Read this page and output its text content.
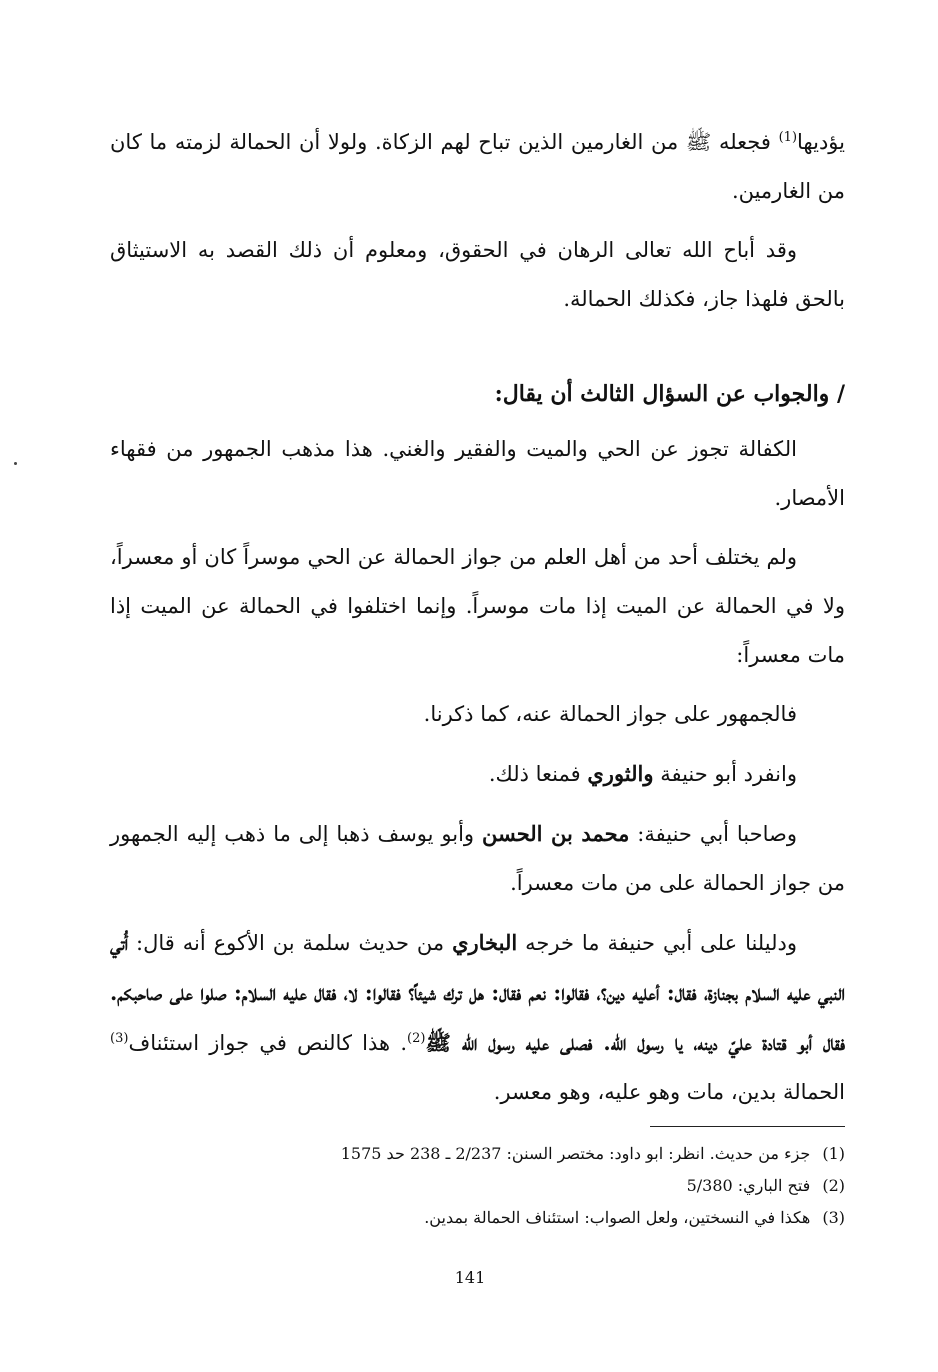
يؤديها$^{(1)}$ فجعله ﷺ من الغارمين الذين تباح لهم الزكاة. ولولا أن الحمالة لزمته ما كان من الغارمين.

وقد أباح الله تعالى الرهان في الحقوق، ومعلوم أن ذلك القصد به الاستيثاق بالحق فلهذا جاز، فكذلك الحمالة.

/ والجواب عن السؤال الثالث أن يقال:

الكفالة تجوز عن الحي والميت والفقير والغني. هذا مذهب الجمهور من فقهاء الأمصار.

ولم يختلف أحد من أهل العلم من جواز الحمالة عن الحي موسراً كان أو معسراً، ولا في الحمالة عن الميت إذا مات موسراً. وإنما اختلفوا في الحمالة عن الميت إذا مات معسراً:

فالجمهور على جواز الحمالة عنه، كما ذكرنا.

وانفرد أبو حنيفة والثوري فمنعا ذلك.

وصاحبا أبي حنيفة: محمد بن الحسن وأبو يوسف ذهبا إلى ما ذهب إليه الجمهور من جواز الحمالة على من مات معسراً.

ودليلنا على أبي حنيفة ما خرجه البخاري من حديث سلمة بن الأكوع أنه قال: أُتي النبي عليه السلام بجنازة، فقال: أعليه دين؟، فقالوا: نعم فقال: هل ترك شيئاً؟ فقالوا: لا، فقال عليه السلام: صلوا على صاحبكم. فقال أبو قتادة عليّ دينه، يا رسول الله. فصلى عليه رسول الله ﷺ$^{(2)}$. هذا كالنص في جواز استئناف$^{(3)}$ الحمالة بدين، مات وهو عليه، وهو معسر.

(1)جزء من حديث. انظر: ابو داود: مختصر السنن: 2/237 ـ 238 حد 1575

(2)فتح الباري: 5/380

(3)هكذا في النسختين، ولعل الصواب: استئناف الحمالة بمدين.

141
